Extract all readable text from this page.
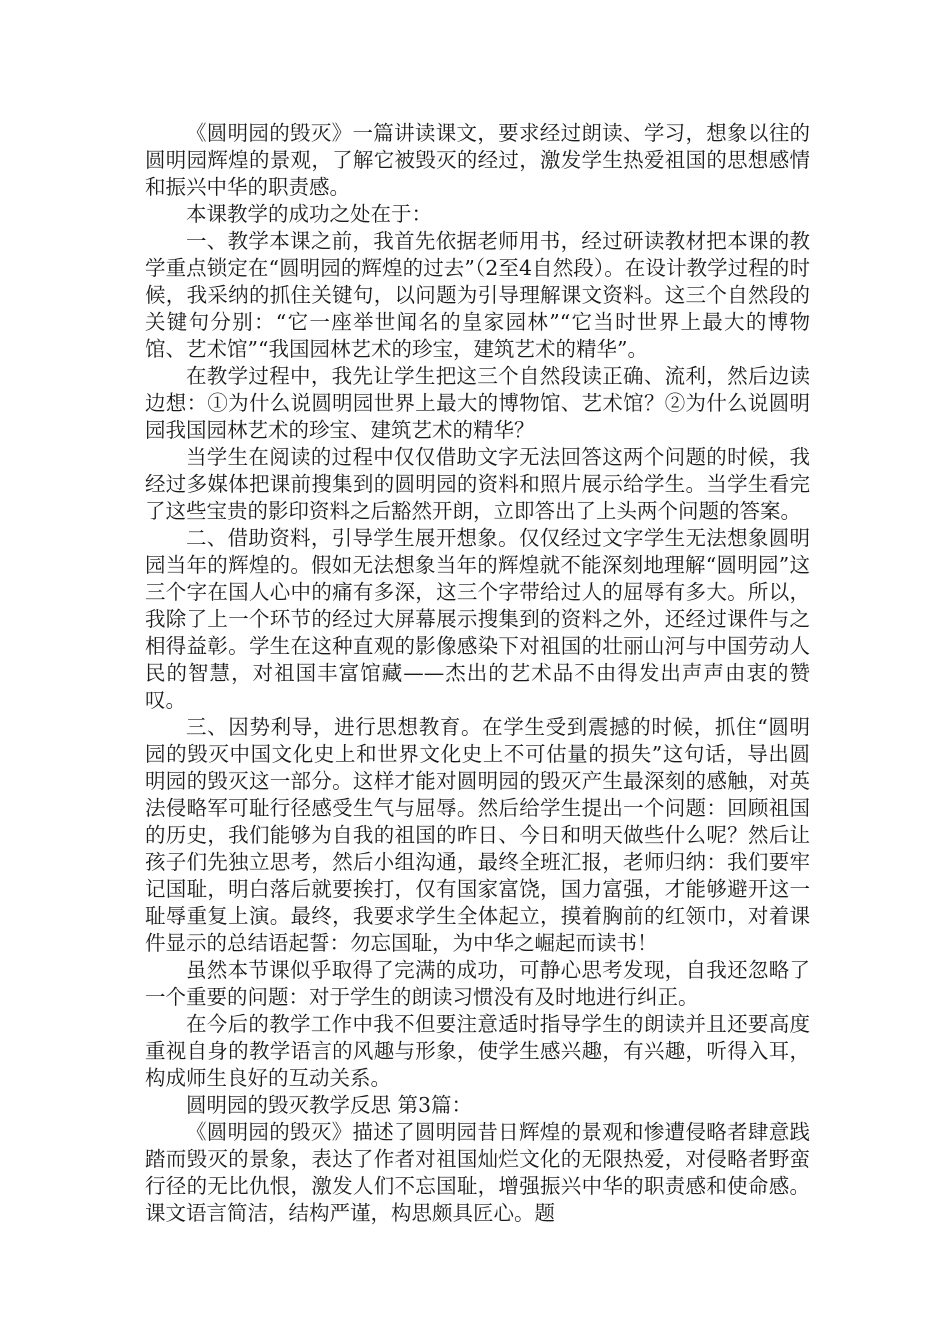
《圆明园的毁灭》一篇讲读课文，要求经过朗读、学习，想象以往的圆明园辉煌的景观，了解它被毁灭的经过，激发学生热爱祖国的思想感情和振兴中华的职责感。

本课教学的成功之处在于：

一、教学本课之前，我首先依据老师用书，经过研读教材把本课的教学重点锁定在“圆明园的辉煌的过去”（2至4自然段）。在设计教学过程的时候，我采纳的抓住关键句，以问题为引导理解课文资料。这三个自然段的关键句分别：“它一座举世闻名的皇家园林”“它当时世界上最大的博物馆、艺术馆”“我国园林艺术的珍宝，建筑艺术的精华”。

在教学过程中，我先让学生把这三个自然段读正确、流利，然后边读边想：①为什么说圆明园世界上最大的博物馆、艺术馆？②为什么说圆明园我国园林艺术的珍宝、建筑艺术的精华？

当学生在阅读的过程中仅仅借助文字无法回答这两个问题的时候，我经过多媒体把课前搜集到的圆明园的资料和照片展示给学生。当学生看完了这些宝贵的影印资料之后豁然开朗，立即答出了上头两个问题的答案。

二、借助资料，引导学生展开想象。仅仅经过文字学生无法想象圆明园当年的辉煌的。假如无法想象当年的辉煌就不能深刻地理解“圆明园”这三个字在国人心中的痛有多深，这三个字带给过人的屈辱有多大。所以，我除了上一个环节的经过大屏幕展示搜集到的资料之外，还经过课件与之相得益彰。学生在这种直观的影像感染下对祖国的壮丽山河与中国劳动人民的智慧，对祖国丰富馆藏——杰出的艺术品不由得发出声声由衷的赞叹。

三、因势利导，进行思想教育。在学生受到震撼的时候，抓住“圆明园的毁灭中国文化史上和世界文化史上不可估量的损失”这句话，导出圆明园的毁灭这一部分。这样才能对圆明园的毁灭产生最深刻的感触，对英法侵略军可耻行径感受生气与屈辱。然后给学生提出一个问题：回顾祖国的历史，我们能够为自我的祖国的昨日、今日和明天做些什么呢？然后让孩子们先独立思考，然后小组沟通，最终全班汇报，老师归纳：我们要牢记国耻，明白落后就要挨打，仅有国家富饶，国力富强，才能够避开这一耻辱重复上演。最终，我要求学生全体起立，摸着胸前的红领巾，对着课件显示的总结语起誓：勿忘国耻，为中华之崛起而读书！

虽然本节课似乎取得了完满的成功，可静心思考发现，自我还忽略了一个重要的问题：对于学生的朗读习惯没有及时地进行纠正。

在今后的教学工作中我不但要注意适时指导学生的朗读并且还要高度重视自身的教学语言的风趣与形象，使学生感兴趣，有兴趣，听得入耳，构成师生良好的互动关系。

圆明园的毁灭教学反思 第3篇：

《圆明园的毁灭》描述了圆明园昔日辉煌的景观和惨遭侵略者肆意践踏而毁灭的景象，表达了作者对祖国灿烂文化的无限热爱，对侵略者野蛮行径的无比仇恨，激发人们不忘国耻，增强振兴中华的职责感和使命感。课文语言简洁，结构严谨，构思颇具匠心。题
